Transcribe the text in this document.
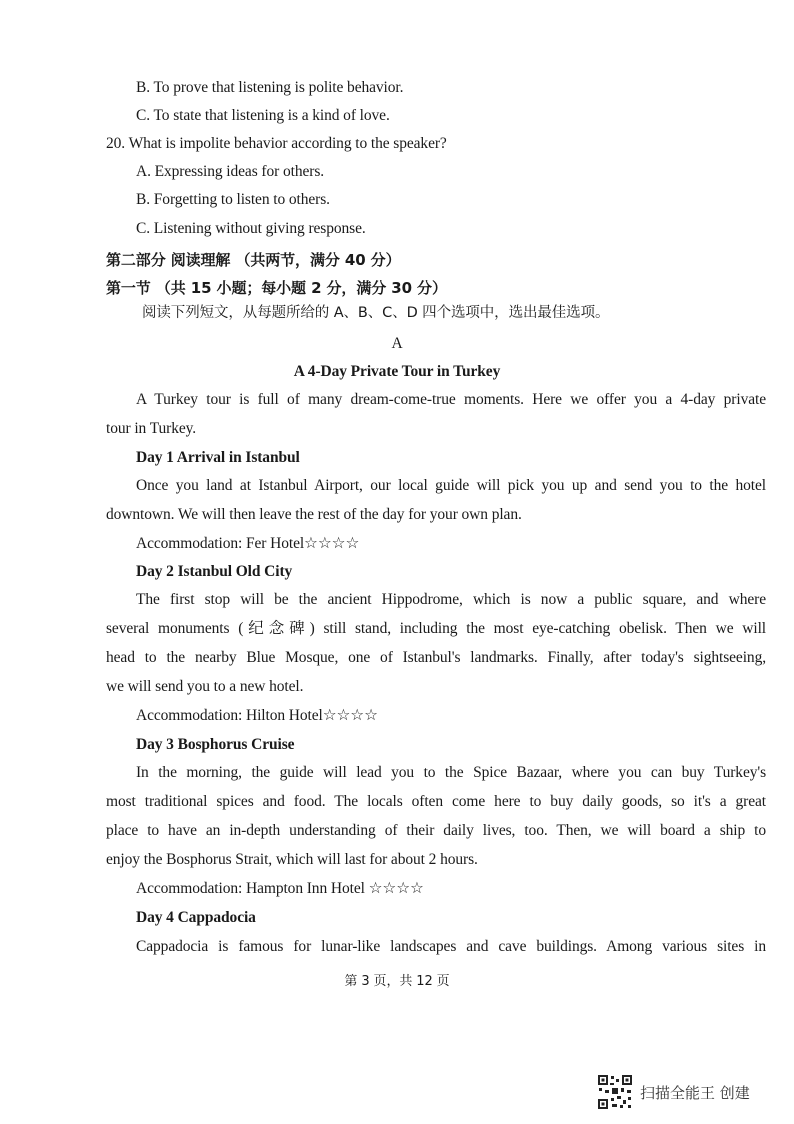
B. To prove that listening is polite behavior.
C. To state that listening is a kind of love.
20. What is impolite behavior according to the speaker?
A. Expressing ideas for others.
B. Forgetting to listen to others.
C. Listening without giving response.
第二部分 阅读理解 （共两节，满分 40 分）
第一节 （共 15 小题；每小题 2 分，满分 30 分）
阅读下列短文，从每题所给的 A、B、C、D 四个选项中，选出最佳选项。
A
A 4-Day Private Tour in Turkey
A Turkey tour is full of many dream-come-true moments. Here we offer you a 4-day private
tour in Turkey.
Day 1 Arrival in Istanbul
Once you land at Istanbul Airport, our local guide will pick you up and send you to the hotel
downtown. We will then leave the rest of the day for your own plan.
Accommodation: Fer Hotel☆☆☆☆
Day 2 Istanbul Old City
The first stop will be the ancient Hippodrome, which is now a public square, and where
several monuments (纪念碑) still stand, including the most eye-catching obelisk. Then we will
head to the nearby Blue Mosque, one of Istanbul's landmarks. Finally, after today's sightseeing,
we will send you to a new hotel.
Accommodation: Hilton Hotel☆☆☆☆
Day 3 Bosphorus Cruise
In the morning, the guide will lead you to the Spice Bazaar, where you can buy Turkey's
most traditional spices and food. The locals often come here to buy daily goods, so it's a great
place to have an in-depth understanding of their daily lives, too. Then, we will board a ship to
enjoy the Bosphorus Strait, which will last for about 2 hours.
Accommodation: Hampton Inn Hotel ☆☆☆☆
Day 4 Cappadocia
Cappadocia is famous for lunar-like landscapes and cave buildings. Among various sites in
第 3 页，共 12 页
扫描全能王 创建
